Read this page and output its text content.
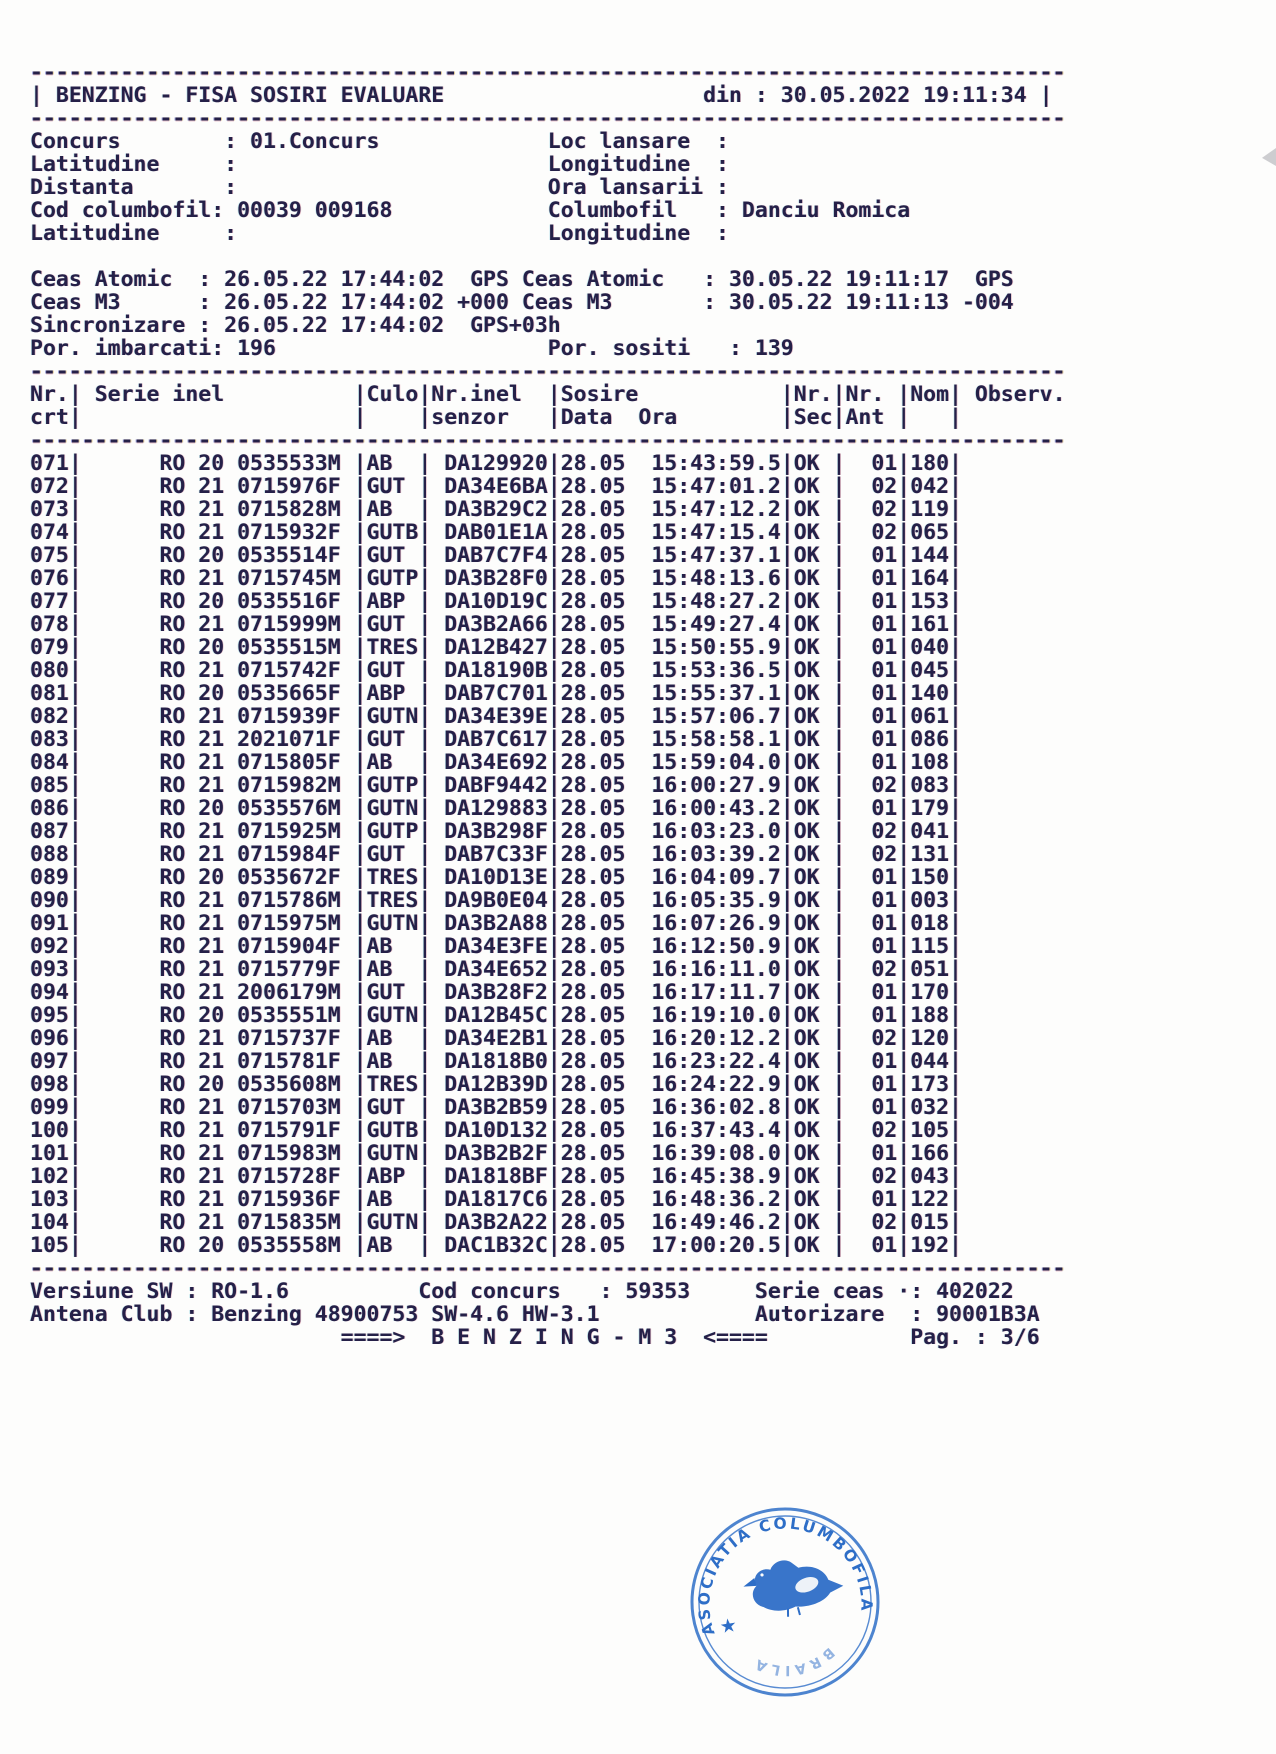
--------------------------------------------------------------------------------
| BENZING - FISA SOSIRI EVALUARE                    din : 30.05.2022 19:11:34 |
--------------------------------------------------------------------------------
Concurs        : 01.Concurs             Loc lansare  :
Latitudine     :                        Longitudine  :
Distanta       :                        Ora lansarii :
Cod columbofil: 00039 009168            Columbofil   : Danciu Romica
Latitudine     :                        Longitudine  :
Ceas Atomic  : 26.05.22 17:44:02  GPS Ceas Atomic   : 30.05.22 19:11:17  GPS
Ceas M3      : 26.05.22 17:44:02 +000 Ceas M3       : 30.05.22 19:11:13 -004
Sincronizare : 26.05.22 17:44:02  GPS+03h
Por. imbarcati: 196                     Por. sositi   : 139
--------------------------------------------------------------------------------
Nr.| Serie inel          |Culo|Nr.inel  |Sosire           |Nr.|Nr. |Nom| Observ.
crt|                     |    |senzor   |Data  Ora        |Sec|Ant |   |
--------------------------------------------------------------------------------
071|      RO 20 0535533M |AB  | DA129920|28.05  15:43:59.5|OK |  01|180|
072|      RO 21 0715976F |GUT | DA34E6BA|28.05  15:47:01.2|OK |  02|042|
073|      RO 21 0715828M |AB  | DA3B29C2|28.05  15:47:12.2|OK |  02|119|
074|      RO 21 0715932F |GUTB| DAB01E1A|28.05  15:47:15.4|OK |  02|065|
075|      RO 20 0535514F |GUT | DAB7C7F4|28.05  15:47:37.1|OK |  01|144|
076|      RO 21 0715745M |GUTP| DA3B28F0|28.05  15:48:13.6|OK |  01|164|
077|      RO 20 0535516F |ABP | DA10D19C|28.05  15:48:27.2|OK |  01|153|
078|      RO 21 0715999M |GUT | DA3B2A66|28.05  15:49:27.4|OK |  01|161|
079|      RO 20 0535515M |TRES| DA12B427|28.05  15:50:55.9|OK |  01|040|
080|      RO 21 0715742F |GUT | DA18190B|28.05  15:53:36.5|OK |  01|045|
081|      RO 20 0535665F |ABP | DAB7C701|28.05  15:55:37.1|OK |  01|140|
082|      RO 21 0715939F |GUTN| DA34E39E|28.05  15:57:06.7|OK |  01|061|
083|      RO 21 2021071F |GUT | DAB7C617|28.05  15:58:58.1|OK |  01|086|
084|      RO 21 0715805F |AB  | DA34E692|28.05  15:59:04.0|OK |  01|108|
085|      RO 21 0715982M |GUTP| DABF9442|28.05  16:00:27.9|OK |  02|083|
086|      RO 20 0535576M |GUTN| DA129883|28.05  16:00:43.2|OK |  01|179|
087|      RO 21 0715925M |GUTP| DA3B298F|28.05  16:03:23.0|OK |  02|041|
088|      RO 21 0715984F |GUT | DAB7C33F|28.05  16:03:39.2|OK |  02|131|
089|      RO 20 0535672F |TRES| DA10D13E|28.05  16:04:09.7|OK |  01|150|
090|      RO 21 0715786M |TRES| DA9B0E04|28.05  16:05:35.9|OK |  01|003|
091|      RO 21 0715975M |GUTN| DA3B2A88|28.05  16:07:26.9|OK |  01|018|
092|      RO 21 0715904F |AB  | DA34E3FE|28.05  16:12:50.9|OK |  01|115|
093|      RO 21 0715779F |AB  | DA34E652|28.05  16:16:11.0|OK |  02|051|
094|      RO 21 2006179M |GUT | DA3B28F2|28.05  16:17:11.7|OK |  01|170|
095|      RO 20 0535551M |GUTN| DA12B45C|28.05  16:19:10.0|OK |  01|188|
096|      RO 21 0715737F |AB  | DA34E2B1|28.05  16:20:12.2|OK |  02|120|
097|      RO 21 0715781F |AB  | DA1818B0|28.05  16:23:22.4|OK |  01|044|
098|      RO 20 0535608M |TRES| DA12B39D|28.05  16:24:22.9|OK |  01|173|
099|      RO 21 0715703M |GUT | DA3B2B59|28.05  16:36:02.8|OK |  01|032|
100|      RO 21 0715791F |GUTB| DA10D132|28.05  16:37:43.4|OK |  02|105|
101|      RO 21 0715983M |GUTN| DA3B2B2F|28.05  16:39:08.0|OK |  01|166|
102|      RO 21 0715728F |ABP | DA1818BF|28.05  16:45:38.9|OK |  02|043|
103|      RO 21 0715936F |AB  | DA1817C6|28.05  16:48:36.2|OK |  01|122|
104|      RO 21 0715835M |GUTN| DA3B2A22|28.05  16:49:46.2|OK |  02|015|
105|      RO 20 0535558M |AB  | DAC1B32C|28.05  17:00:20.5|OK |  01|192|
--------------------------------------------------------------------------------
Versiune SW : RO-1.6          Cod concurs   : 59353     Serie ceas ·: 402022
Antena Club : Benzing 48900753 SW-4.6 HW-3.1            Autorizare  : 90001B3A
====>  B E N Z I N G - M 3  <====           Pag. : 3/6
ASOCIATIA COLUMBOFILA
BRAILA
★
